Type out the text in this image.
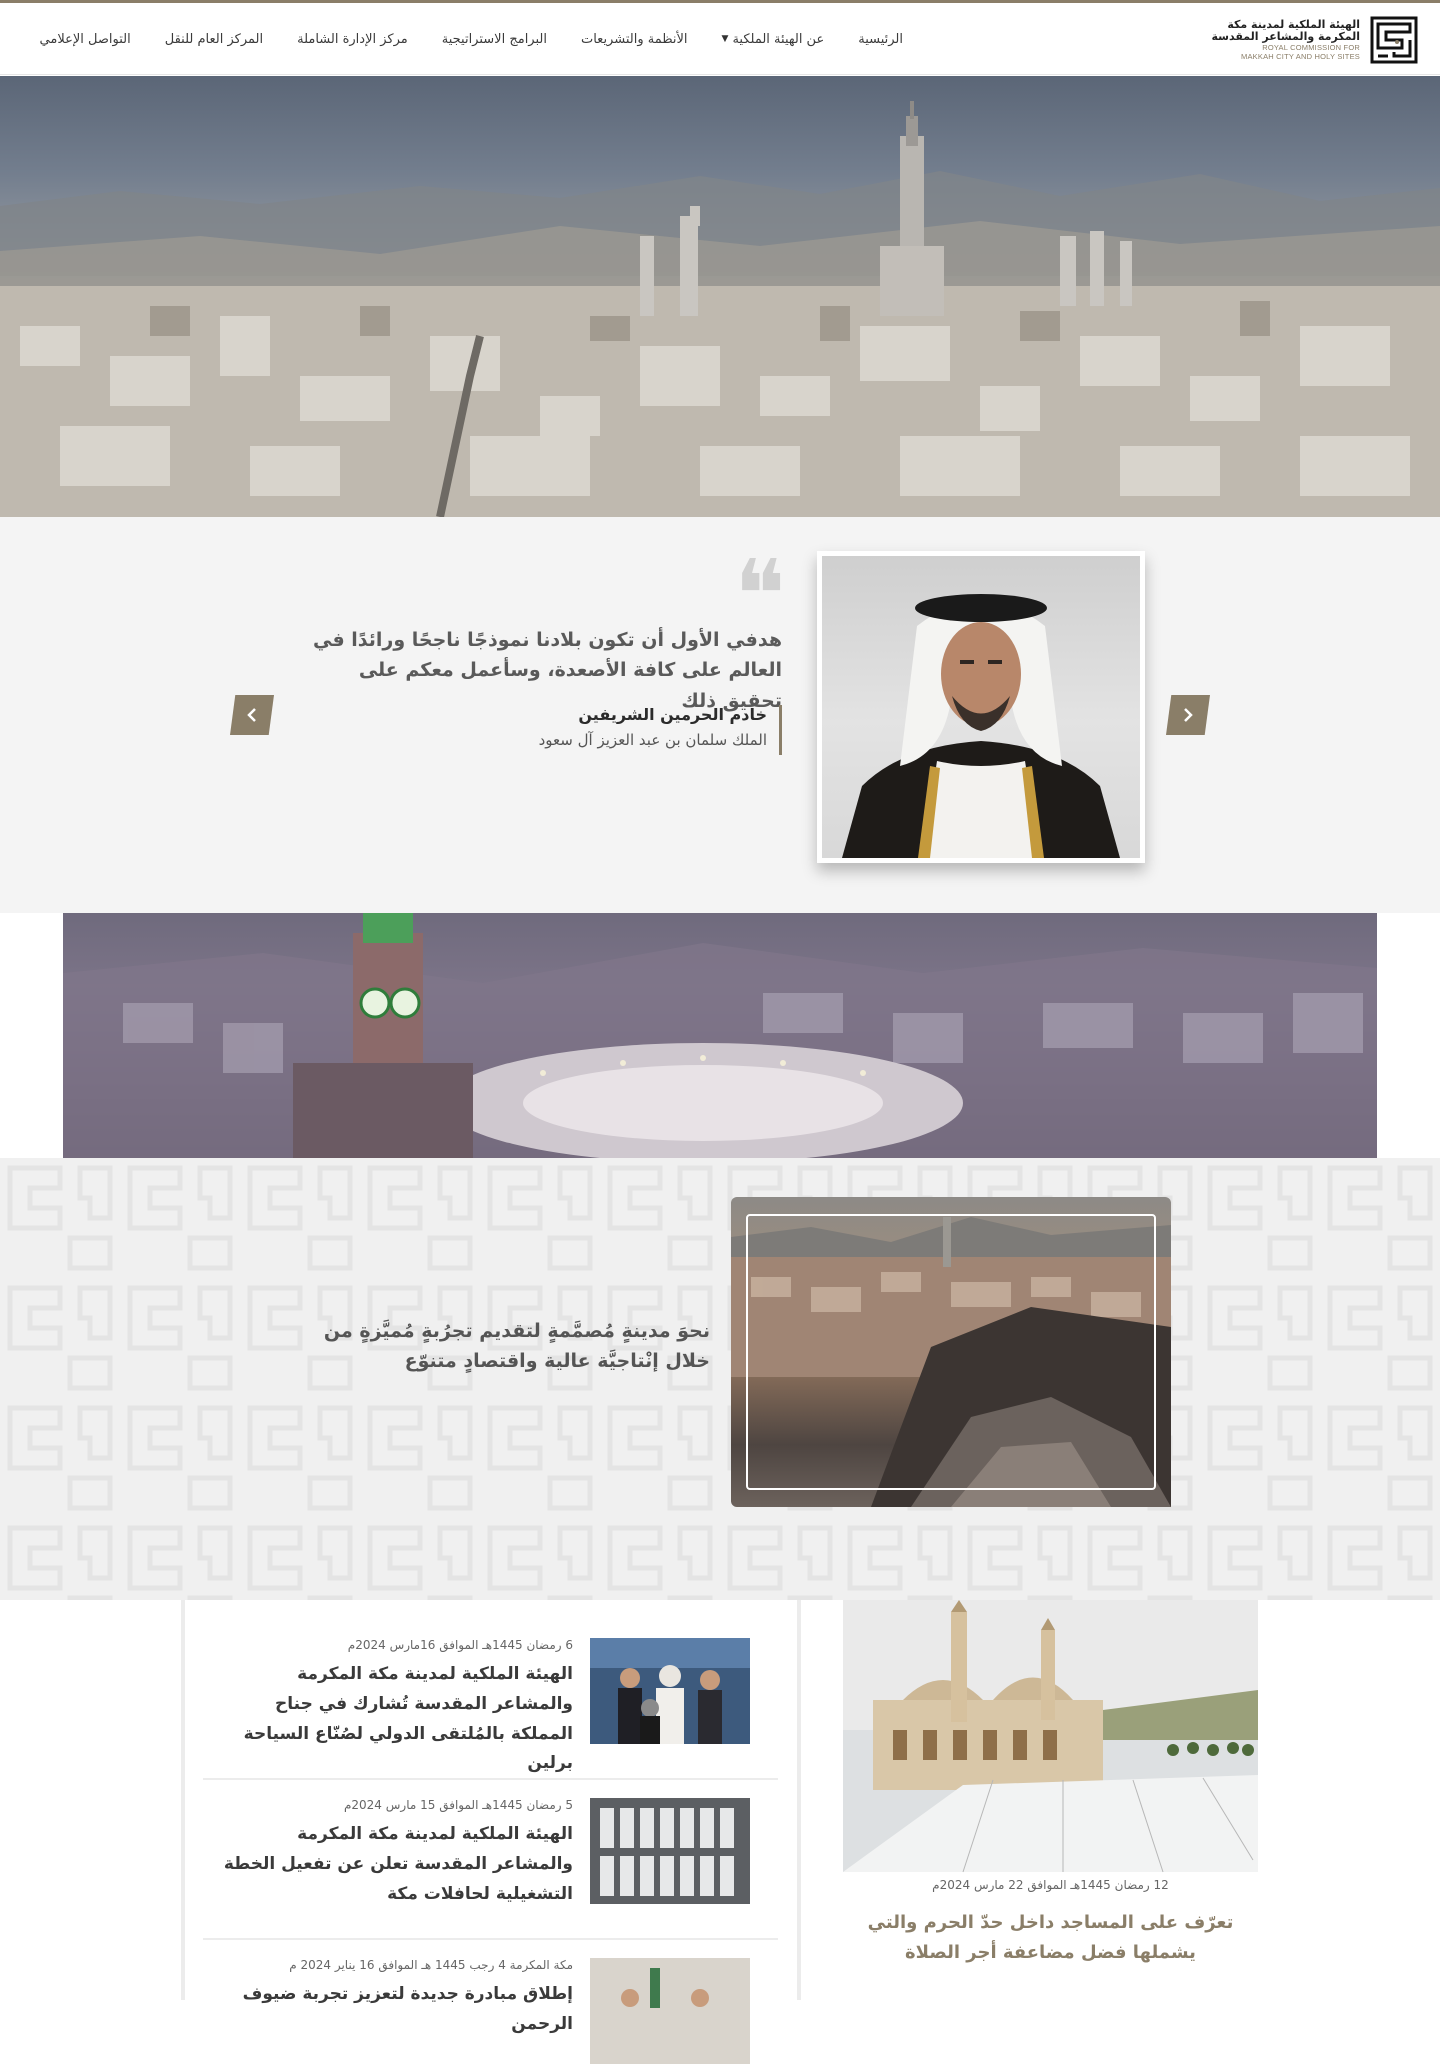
الهيئة الملكية لمدينة مكة
المكرمة والمشاعر المقدسة
ROYAL COMMISSION FOR
MAKKAH CITY AND HOLY SITES
الرئيسية
عن الهيئة الملكية
▼
الأنظمة والتشريعات
البرامج الاستراتيجية
مركز الإدارة الشاملة
المركز العام للنقل
التواصل الإعلامي
❝

هدفي الأول أن تكون بلادنا نموذجًا ناجحًا ورائدًا في العالم على كافة الأصعدة، وسأعمل معكم على تحقيق ذلك

خادم الحرمين الشريفين
الملك سلمان بن عبد العزيز آل سعود

نحوَ مدينةٍ مُصمَّمةٍ لتقديم تجرُبةٍ مُميَّزةٍ من خلال إنْتاجيَّة عالية واقتصادٍ متنوّع

12 رمضان 1445هـ الموافق 22 مارس 2024م
تعرّف على المساجد داخل حدّ الحرم والتي يشملها فضل مضاعفة أجر الصلاة
6 رمضان 1445هـ الموافق 16مارس 2024م
الهيئة الملكية لمدينة مكة المكرمة والمشاعر المقدسة تُشارك في جناح المملكة بالمُلتقى الدولي لصُنّاع السياحة برلين
5 رمضان 1445هـ الموافق 15 مارس 2024م
الهيئة الملكية لمدينة مكة المكرمة والمشاعر المقدسة تعلن عن تفعيل الخطة التشغيلية لحافلات مكة
مكة المكرمة 4 رجب 1445 هـ الموافق 16 يناير 2024 م
إطلاق مبادرة جديدة لتعزيز تجربة ضيوف الرحمن
